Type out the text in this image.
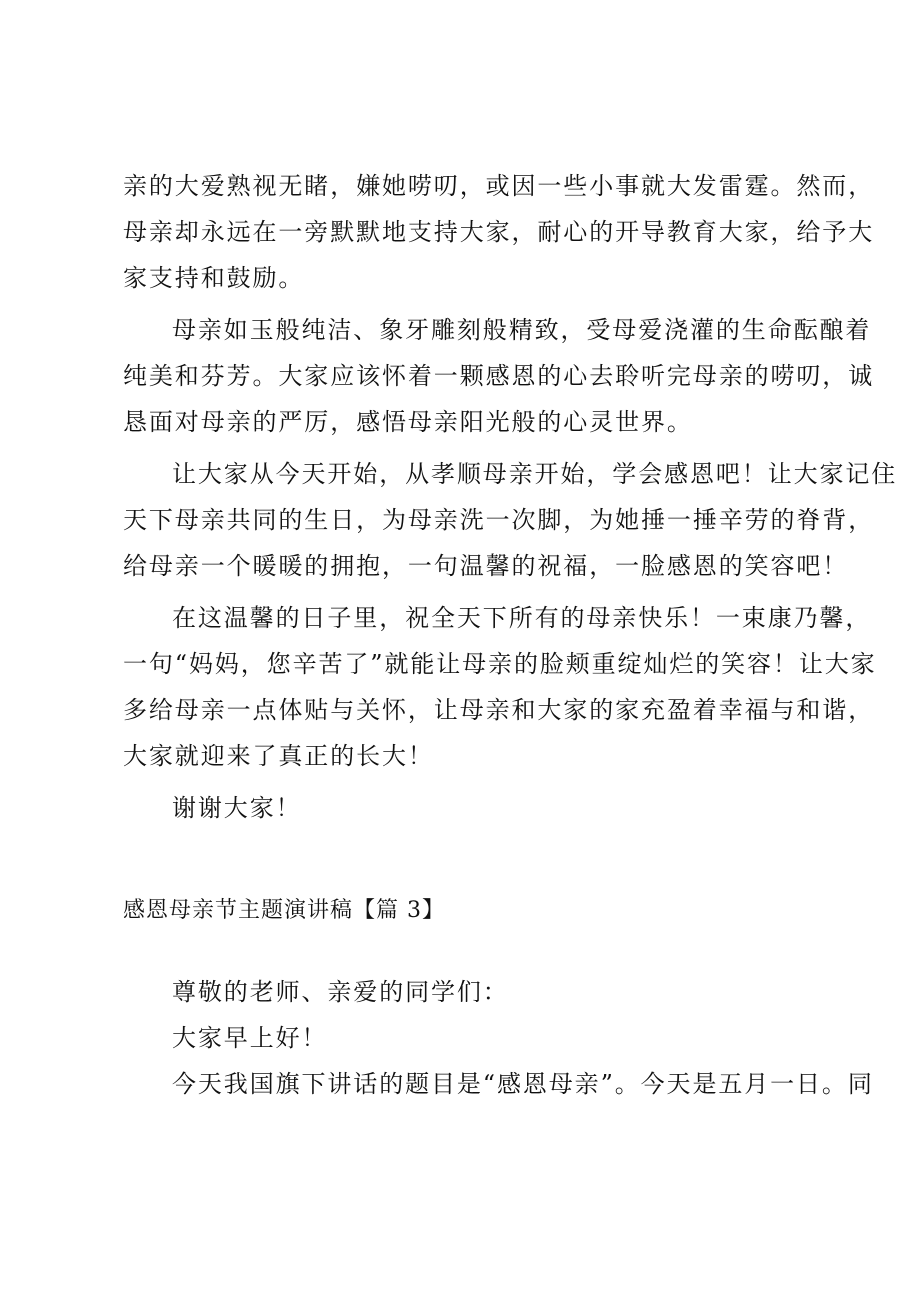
亲的大爱熟视无睹，嫌她唠叨，或因一些小事就大发雷霆。然而，
母亲却永远在一旁默默地支持大家，耐心的开导教育大家，给予大
家支持和鼓励。
母亲如玉般纯洁、象牙雕刻般精致，受母爱浇灌的生命酝酿着
纯美和芬芳。大家应该怀着一颗感恩的心去聆听完母亲的唠叨，诚
恳面对母亲的严厉，感悟母亲阳光般的心灵世界。
让大家从今天开始，从孝顺母亲开始，学会感恩吧！让大家记住
天下母亲共同的生日，为母亲洗一次脚，为她捶一捶辛劳的脊背，
给母亲一个暖暖的拥抱，一句温馨的祝福，一脸感恩的笑容吧！
在这温馨的日子里，祝全天下所有的母亲快乐！一束康乃馨，
一句“妈妈，您辛苦了”就能让母亲的脸颊重绽灿烂的笑容！让大家
多给母亲一点体贴与关怀，让母亲和大家的家充盈着幸福与和谐，
大家就迎来了真正的长大！
谢谢大家！
感恩母亲节主题演讲稿【篇 3】
尊敬的老师、亲爱的同学们：
大家早上好！
今天我国旗下讲话的题目是“感恩母亲”。今天是五月一日。同
